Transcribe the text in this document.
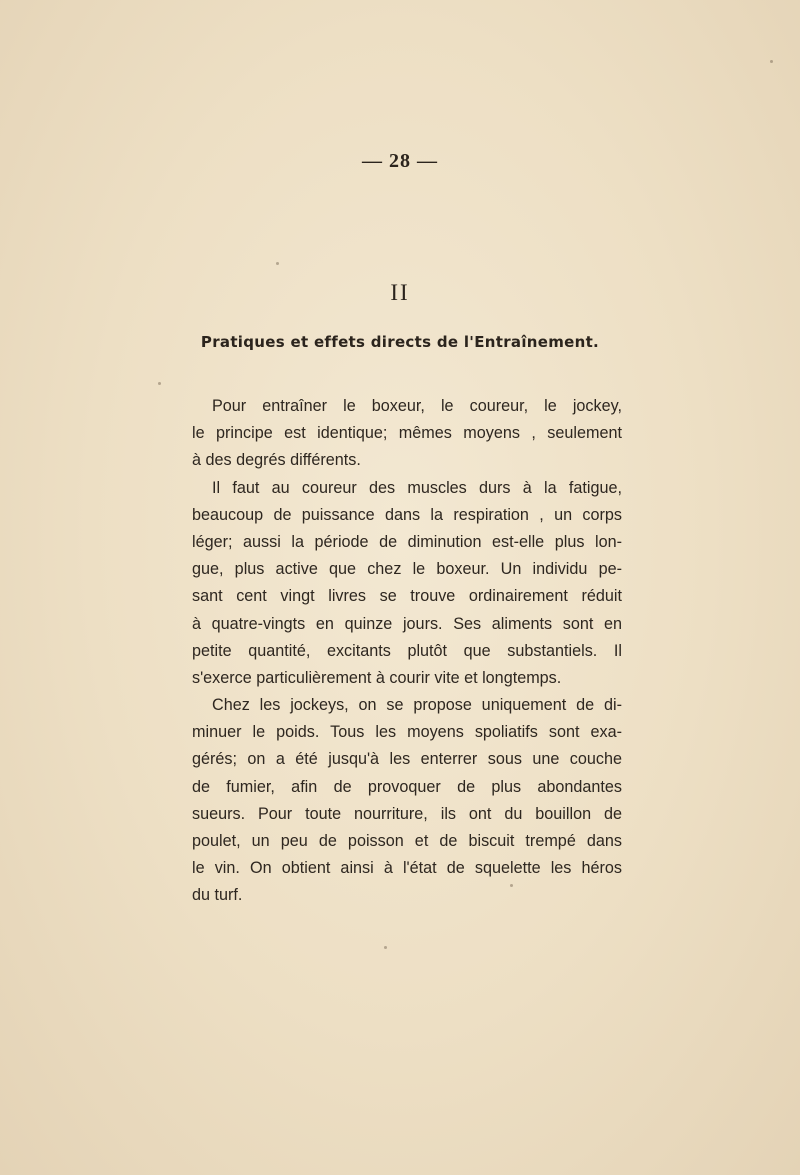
— 28 —
II
Pratiques et effets directs de l'Entraînement.
Pour entraîner le boxeur, le coureur, le jockey,
le principe est identique; mêmes moyens , seulement
à des degrés différents.
Il faut au coureur des muscles durs à la fatigue,
beaucoup de puissance dans la respiration , un corps
léger; aussi la période de diminution est-elle plus lon-
gue, plus active que chez le boxeur. Un individu pe-
sant cent vingt livres se trouve ordinairement réduit
à quatre-vingts en quinze jours. Ses aliments sont en
petite quantité, excitants plutôt que substantiels. Il
s'exerce particulièrement à courir vite et longtemps.
Chez les jockeys, on se propose uniquement de di-
minuer le poids. Tous les moyens spoliatifs sont exa-
gérés; on a été jusqu'à les enterrer sous une couche
de fumier, afin de provoquer de plus abondantes
sueurs. Pour toute nourriture, ils ont du bouillon de
poulet, un peu de poisson et de biscuit trempé dans
le vin. On obtient ainsi à l'état de squelette les héros
du turf.
